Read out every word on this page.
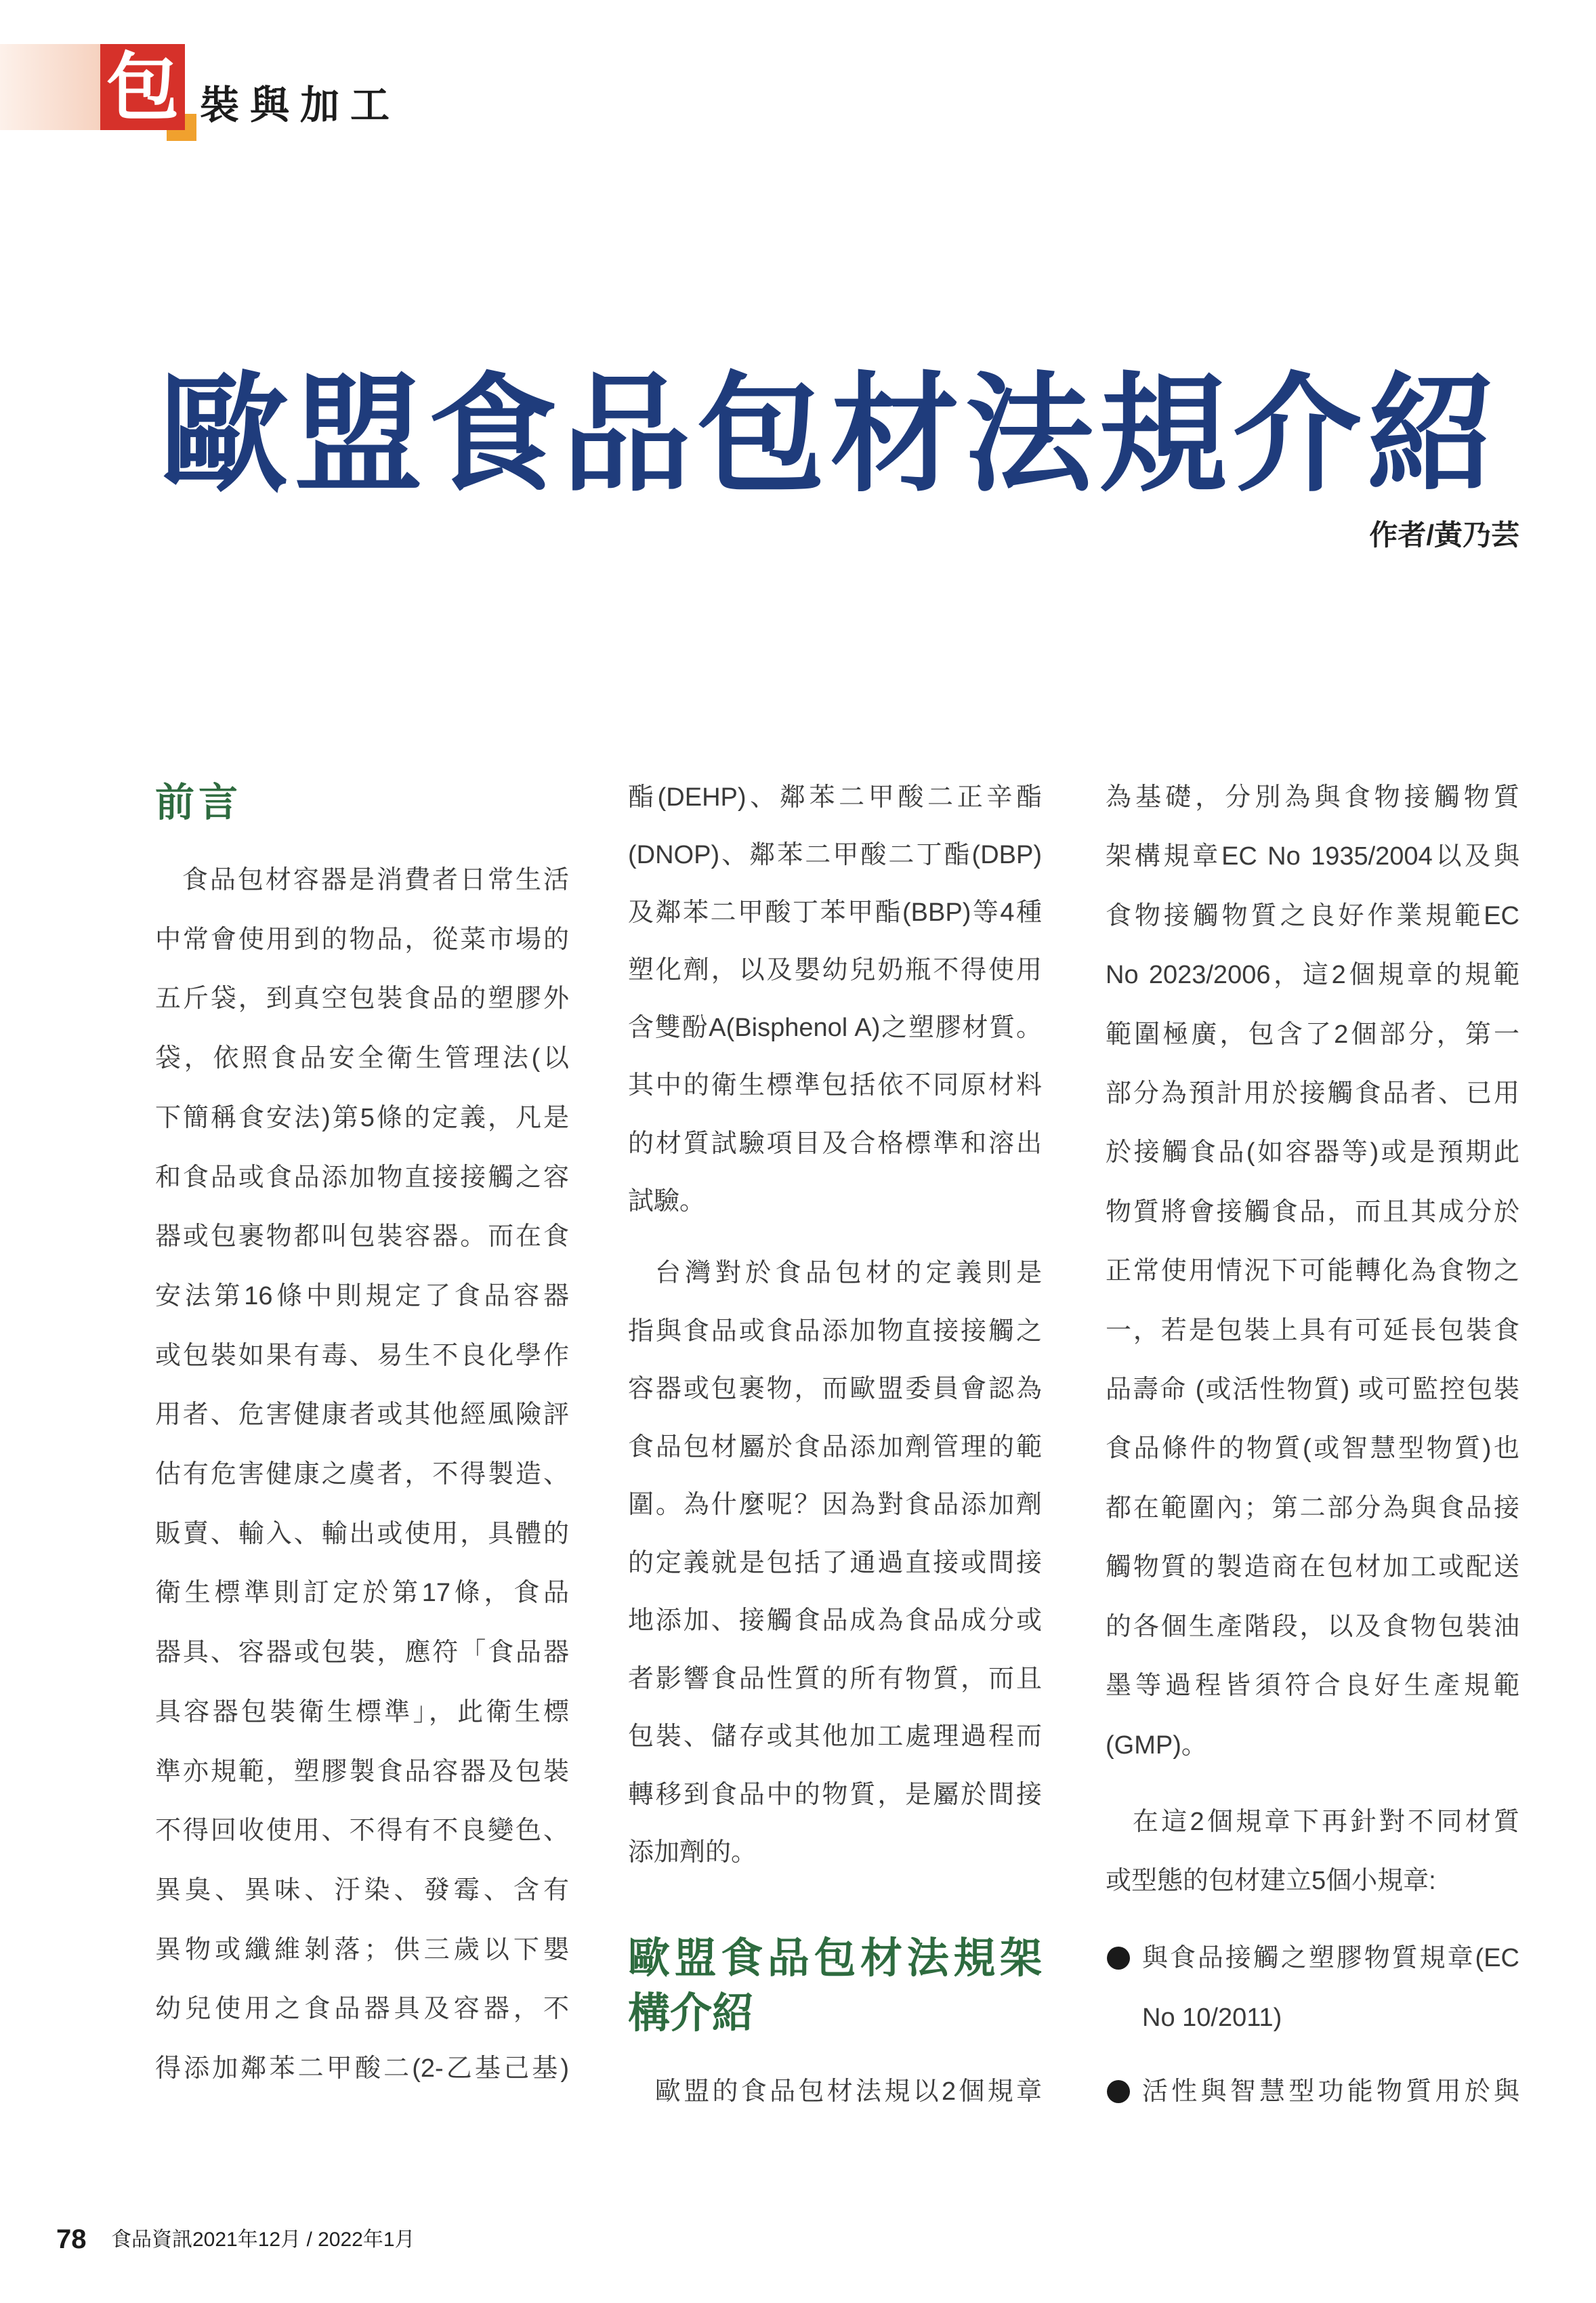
包 裝與加工
歐盟食品包材法規介紹
作者/黃乃芸
前言
食品包材容器是消費者日常生活
中常會使用到的物品，從菜市場的
五斤袋，到真空包裝食品的塑膠外
袋，依照食品安全衛生管理法(以
下簡稱食安法)第5條的定義，凡是
和食品或食品添加物直接接觸之容
器或包裹物都叫包裝容器。而在食
安法第16條中則規定了食品容器
或包裝如果有毒、易生不良化學作
用者、危害健康者或其他經風險評
估有危害健康之虞者，不得製造、
販賣、輸入、輸出或使用，具體的
衛生標準則訂定於第17條，食品
器具、容器或包裝，應符「食品器
具容器包裝衛生標準」，此衛生標
準亦規範，塑膠製食品容器及包裝
不得回收使用、不得有不良變色、
異臭、異味、汙染、發霉、含有
異物或纖維剝落；供三歲以下嬰
幼兒使用之食品器具及容器，不
得添加鄰苯二甲酸二(2-乙基己基)
酯(DEHP)、鄰苯二甲酸二正辛酯
(DNOP)、鄰苯二甲酸二丁酯(DBP)
及鄰苯二甲酸丁苯甲酯(BBP)等4種
塑化劑，以及嬰幼兒奶瓶不得使用
含雙酚A(Bisphenol A)之塑膠材質。
其中的衛生標準包括依不同原材料
的材質試驗項目及合格標準和溶出
試驗。
台灣對於食品包材的定義則是
指與食品或食品添加物直接接觸之
容器或包裹物，而歐盟委員會認為
食品包材屬於食品添加劑管理的範
圍。為什麼呢？因為對食品添加劑
的定義就是包括了通過直接或間接
地添加、接觸食品成為食品成分或
者影響食品性質的所有物質，而且
包裝、儲存或其他加工處理過程而
轉移到食品中的物質，是屬於間接
添加劑的。
歐盟食品包材法規架
構介紹
歐盟的食品包材法規以2個規章
為基礎，分別為與食物接觸物質
架構規章EC No 1935/2004以及與
食物接觸物質之良好作業規範EC
No 2023/2006，這2個規章的規範
範圍極廣，包含了2個部分，第一
部分為預計用於接觸食品者、已用
於接觸食品(如容器等)或是預期此
物質將會接觸食品，而且其成分於
正常使用情況下可能轉化為食物之
一，若是包裝上具有可延長包裝食
品壽命 (或活性物質) 或可監控包裝
食品條件的物質(或智慧型物質)也
都在範圍內；第二部分為與食品接
觸物質的製造商在包材加工或配送
的各個生產階段，以及食物包裝油
墨等過程皆須符合良好生產規範
(GMP)。
在這2個規章下再針對不同材質
或型態的包材建立5個小規章:
與食品接觸之塑膠物質規章(EC
No 10/2011)
活性與智慧型功能物質用於與
78 食品資訊2021年12月 / 2022年1月
